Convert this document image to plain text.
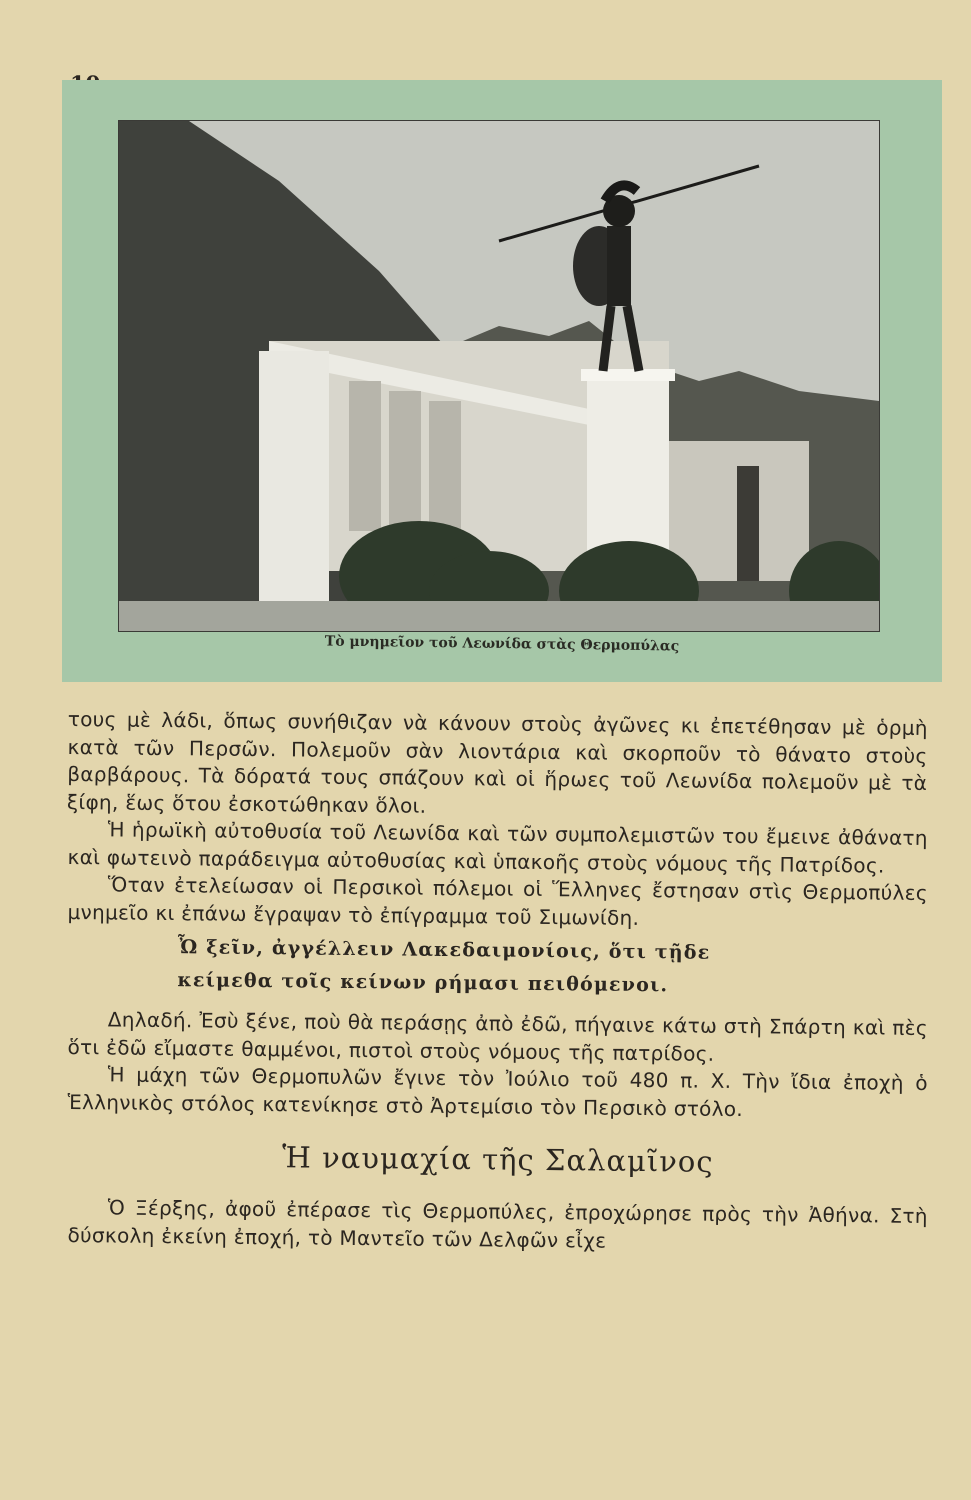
Τὸ μνημεῖον τοῦ Λεωνίδα στὰς Θερμοπύλας

τους μὲ λάδι, ὅπως συνήθιζαν νὰ κάνουν στοὺς ἀγῶνες κι ἐπετέθησαν μὲ ὁρμὴ κατὰ τῶν Περσῶν. Πολεμοῦν σὰν λιοντάρια καὶ σκορποῦν τὸ θάνατο στοὺς βαρβάρους. Τὰ δόρατά τους σπάζουν καὶ οἱ ἥρωες τοῦ Λεωνίδα πολεμοῦν μὲ τὰ ξίφη, ἕως ὅτου ἐσκοτώθηκαν ὅλοι.

Ἡ ἡρωϊκὴ αὐτοθυσία τοῦ Λεωνίδα καὶ τῶν συμπολεμιστῶν του ἔμεινε ἀθάνατη καὶ φωτεινὸ παράδειγμα αὐτοθυσίας καὶ ὑπακοῆς στοὺς νόμους τῆς Πατρίδος.

Ὅταν ἐτελείωσαν οἱ Περσικοὶ πόλεμοι οἱ Ἕλληνες ἔστησαν στὶς Θερμοπύλες μνημεῖο κι ἐπάνω ἔγραψαν τὸ ἐπίγραμμα τοῦ Σιμωνίδη.

Ὦ ξεῖν, ἀγγέλλειν Λακεδαιμονίοις, ὅτι τῇδε
κείμεθα τοῖς κείνων ρήμασι πειθόμενοι.

Δηλαδή. Ἐσὺ ξένε, ποὺ θὰ περάσῃς ἀπὸ ἐδῶ, πήγαινε κάτω στὴ Σπάρτη καὶ πὲς ὅτι ἐδῶ εἴμαστε θαμμένοι, πιστοὶ στοὺς νόμους τῆς πατρίδος.

Ἡ μάχη τῶν Θερμοπυλῶν ἔγινε τὸν Ἰούλιο τοῦ 480 π. Χ. Τὴν ἴδια ἐποχὴ ὁ Ἑλληνικὸς στόλος κατενίκησε στὸ Ἀρτεμίσιο τὸν Περσικὸ στόλο.

Ἡ ναυμαχία τῆς Σαλαμῖνος

Ὁ Ξέρξης, ἀφοῦ ἐπέρασε τὶς Θερμοπύλες, ἐπροχώρησε πρὸς τὴν Ἀθήνα. Στὴ δύσκολη ἐκείνη ἐποχή, τὸ Μαντεῖο τῶν Δελφῶν εἶχε
